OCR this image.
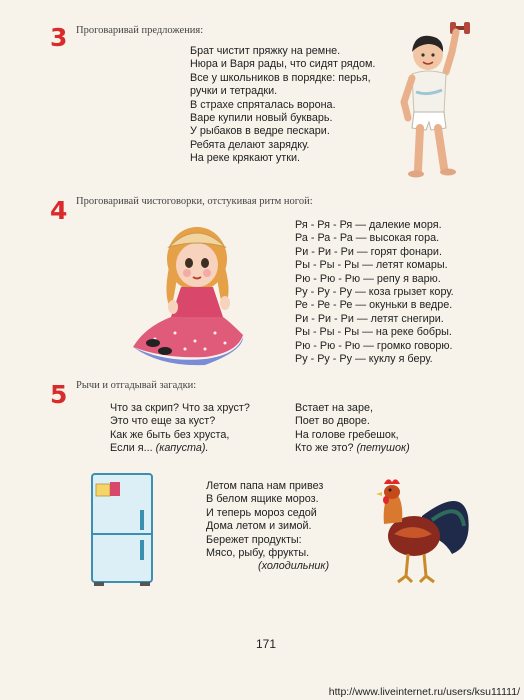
3 Проговаривай предложения:
Брат чистит пряжку на ремне.
Нюра и Варя рады, что сидят рядом.
Все у школьников в порядке: перья,
ручки и тетрадки.
В страхе спряталась ворона.
Варе купили новый букварь.
У рыбаков в ведре пескари.
Ребята делают зарядку.
На реке крякают утки.
4 Проговаривай чистоговорки, отстукивая ритм ногой:
Ря - Ря - Ря — далекие моря.
Ра - Ра - Ра — высокая гора.
Ри - Ри - Ри — горят фонари.
Ры - Ры - Ры — летят комары.
Рю - Рю - Рю — репу я варю.
Ру - Ру - Ру — коза грызет кору.
Ре - Ре - Ре — окуньки в ведре.
Ри - Ри - Ри — летят снегири.
Ры - Ры - Ры — на реке бобры.
Рю - Рю - Рю — громко говорю.
Ру - Ру - Ру — куклу я беру.
5 Рычи и отгадывай загадки:
Что за скрип? Что за хруст?
Это что еще за куст?
Как же быть без хруста,
Если я... (капуста).
Встает на заре,
Поет во дворе.
На голове гребешок,
Кто же это? (петушок)
Летом папа нам привез
В белом ящике мороз.
И теперь мороз седой
Дома летом и зимой.
Бережет продукты:
Мясо, рыбу, фрукты.
(холодильник)
171
http://www.liveinternet.ru/users/ksu11111/
